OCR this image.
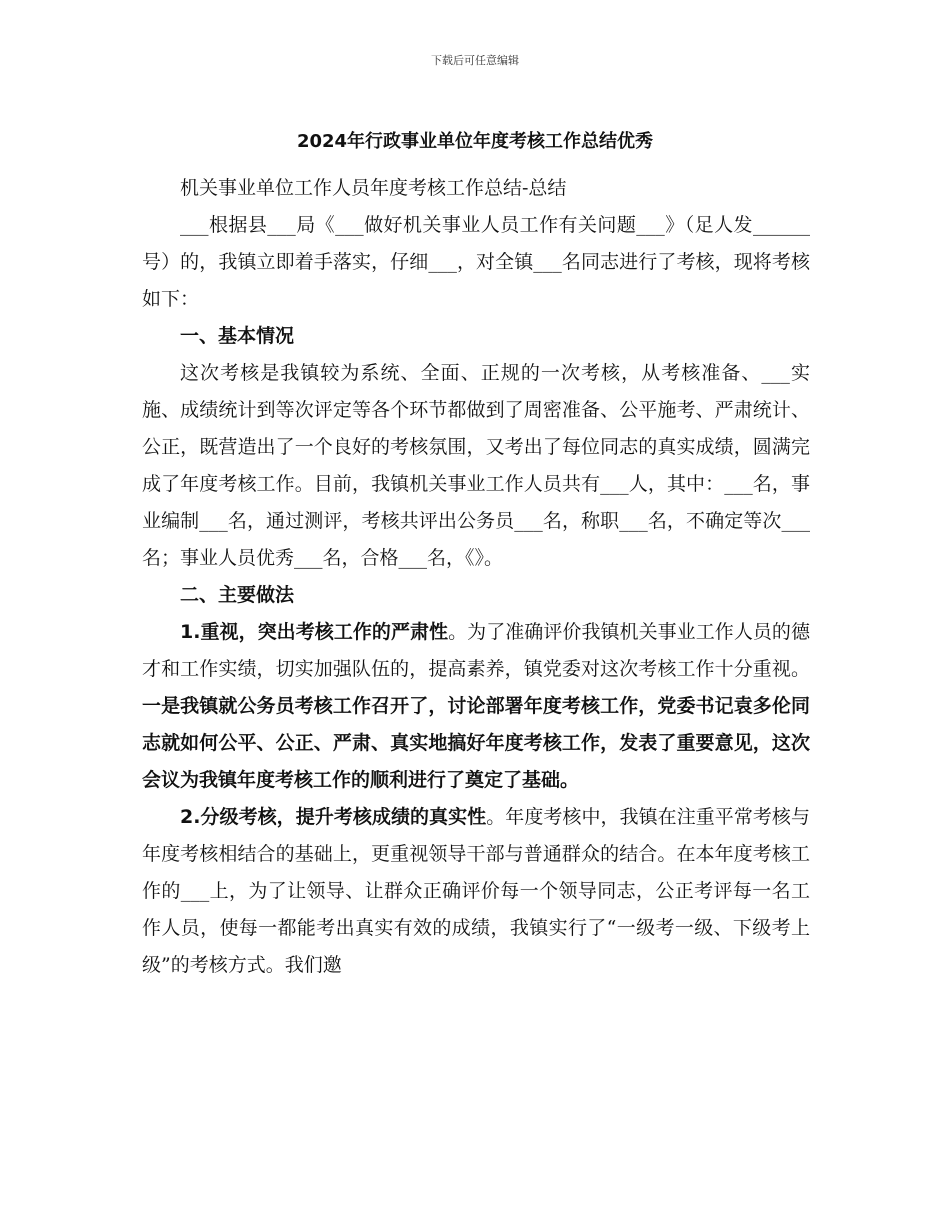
下载后可任意编辑
2024年行政事业单位年度考核工作总结优秀

机关事业单位工作人员年度考核工作总结-总结

___根据县___局《___做好机关事业人员工作有关问题___》（足人发______号）的，我镇立即着手落实，仔细___，对全镇___名同志进行了考核，现将考核如下：

一、基本情况

这次考核是我镇较为系统、全面、正规的一次考核，从考核准备、___实施、成绩统计到等次评定等各个环节都做到了周密准备、公平施考、严肃统计、公正，既营造出了一个良好的考核氛围，又考出了每位同志的真实成绩，圆满完成了年度考核工作。目前，我镇机关事业工作人员共有___人，其中：___名，事业编制___名，通过测评，考核共评出公务员___名，称职___名，不确定等次___名；事业人员优秀___名，合格___名，《》。

二、主要做法

1.重视，突出考核工作的严肃性。为了准确评价我镇机关事业工作人员的德才和工作实绩，切实加强队伍的，提高素养，镇党委对这次考核工作十分重视。一是我镇就公务员考核工作召开了，讨论部署年度考核工作，党委书记袁多伦同志就如何公平、公正、严肃、真实地搞好年度考核工作，发表了重要意见，这次会议为我镇年度考核工作的顺利进行了奠定了基础。

2.分级考核，提升考核成绩的真实性。年度考核中，我镇在注重平常考核与年度考核相结合的基础上，更重视领导干部与普通群众的结合。在本年度考核工作的___上，为了让领导、让群众正确评价每一个领导同志，公正考评每一名工作人员，使每一都能考出真实有效的成绩，我镇实行了“一级考一级、下级考上级”的考核方式。我们邀
